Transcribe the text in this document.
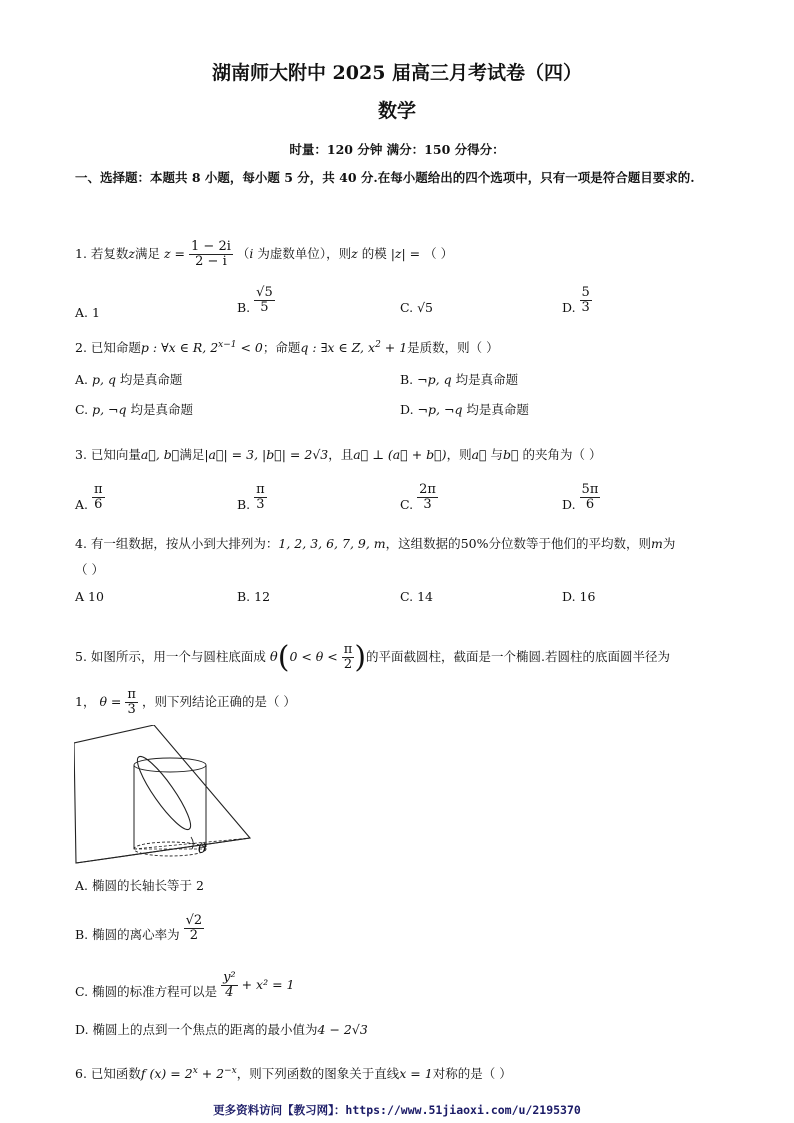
湖南师大附中 2025 届高三月考试卷（四）
数学
时量：120 分钟 满分：150 分得分：
一、选择题：本题共 8 小题，每小题 5 分，共 40 分.在每小题给出的四个选项中，只有一项是符合题目要求的.
1. 若复数z满足 $z = \frac{1 - 2i}{2 - i} (i$ 为虚数单位），则z 的模 |z| = （ ）
A. 1	B. $\frac{√5}{5}$	C. √5	D. $\frac{5}{3}$
2. 已知命题p : ∀x ∈ R, $2^{x-1} < 0$；命题q : ∃x ∈ Z, $x^2 + 1$是质数，则（ ）
A. p, q 均是真命题	B. ¬p, q 均是真命题
C. p, ¬q 均是真命题	D. ¬p, ¬q 均是真命题
3. 已知向量a⃗, b⃗满足|a⃗| = 3, |b⃗| = 2√3，且a⃗ ⊥ (a⃗ + b⃗)，则a⃗ 与b⃗ 的夹角为（ ）
A. $\frac{\pi}{6}$	B. $\frac{\pi}{3}$	C. $\frac{2\pi}{3}$	D. $\frac{5\pi}{6}$
4. 有一组数据，按从小到大排列为：1, 2, 3, 6, 7, 9, m，这组数据的50%分位数等于他们的平均数，则m为
（ ）
A 10	B. 12	C. 14	D. 16
5. 如图所示，用一个与圆柱底面成 $\theta(0 < \theta < \frac{\pi}{2}$ )的平面截圆柱，截面是一个椭圆.若圆柱的底面圆半径为
1， $\theta = \frac{\pi}{3}$ ，则下列结论正确的是（ ）
θ
A. 椭圆的长轴长等于 2
B. 椭圆的离心率为 $\frac{√2}{2}$
C. 椭圆的标准方程可以是 $\frac{\text{y²}}{4} + x^2 = 1$
D. 椭圆上的点到一个焦点的距离的最小值为4 − 2√3
6. 已知函数f $(x) = 2^x + 2^{-x}$，则下列函数的图象关于直线x = 1对称的是（ ）
更多资料访问【教习网】：https://www.51jiaoxi.com/u/2195370
